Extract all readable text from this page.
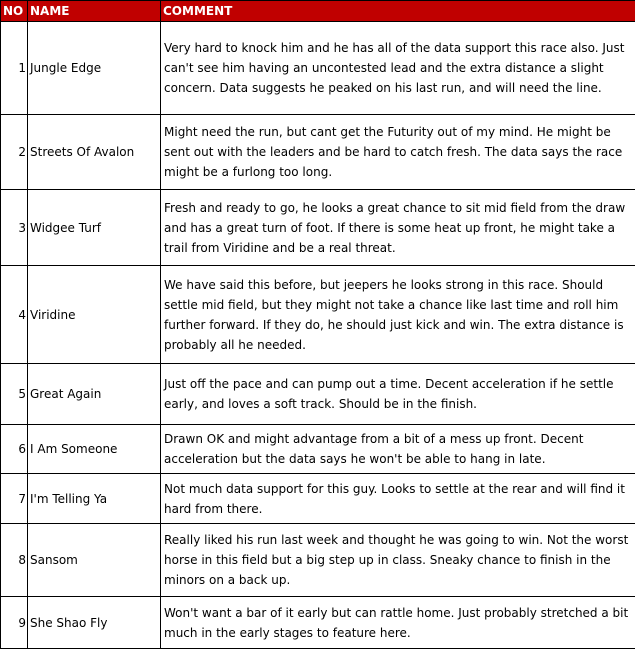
NO	NAME	COMMENT
1	Jungle Edge	Very hard to knock him and he has all of the data support this race also. Just can't see him having an uncontested lead and the extra distance a slight concern. Data suggests he peaked on his last run, and will need the line.
2	Streets Of Avalon	Might need the run, but cant get the Futurity out of my mind. He might be sent out with the leaders and be hard to catch fresh. The data says the race might be a furlong too long.
3	Widgee Turf	Fresh and ready to go, he looks a great chance to sit mid field from the draw and has a great turn of foot. If there is some heat up front, he might take a trail from Viridine and be a real threat.
4	Viridine	We have said this before, but jeepers he looks strong in this race. Should settle mid field, but they might not take a chance like last time and roll him further forward. If they do, he should just kick and win. The extra distance is probably all he needed.
5	Great Again	Just off the pace and can pump out a time. Decent acceleration if he settle early, and loves a soft track. Should be in the finish.
6	I Am Someone	Drawn OK and might advantage from a bit of a mess up front. Decent acceleration but the data says he won't be able to hang in late.
7	I'm Telling Ya	Not much data support for this guy. Looks to settle at the rear and will find it hard from there.
8	Sansom	Really liked his run last week and thought he was going to win. Not the worst horse in this field but a big step up in class. Sneaky chance to finish in the minors on a back up.
9	She Shao Fly	Won't want a bar of it early but can rattle home. Just probably stretched a bit much in the early stages to feature here.
